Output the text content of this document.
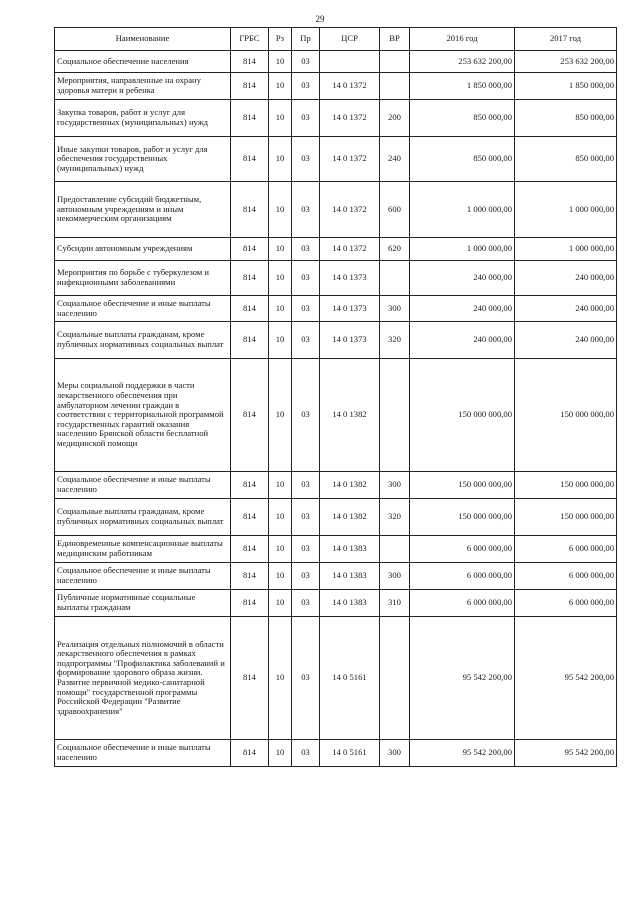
29
Наименование	ГРБС	Рз	Пр	ЦСР	ВР	2016 год	2017 год
Социальное обеспечение населения	814	10	03			253 632 200,00	253 632 200,00
Мероприятия, направленные на охрану здоровья матери и ребенка	814	10	03	14 0 1372		1 850 000,00	1 850 000,00
Закупка товаров, работ и услуг для государственных (муниципальных) нужд	814	10	03	14 0 1372	200	850 000,00	850 000,00
Иные закупки товаров, работ и услуг для обеспечения государственных (муниципальных) нужд	814	10	03	14 0 1372	240	850 000,00	850 000,00
Предоставление субсидий бюджетным, автономным учреждениям и иным некоммерческим организациям	814	10	03	14 0 1372	600	1 000 000,00	1 000 000,00
Субсидии автономным учреждениям	814	10	03	14 0 1372	620	1 000 000,00	1 000 000,00
Мероприятия по борьбе с туберкулезом и инфекционными заболеваниями	814	10	03	14 0 1373		240 000,00	240 000,00
Социальное обеспечение и иные выплаты населению	814	10	03	14 0 1373	300	240 000,00	240 000,00
Социальные выплаты гражданам, кроме публичных нормативных социальных выплат	814	10	03	14 0 1373	320	240 000,00	240 000,00
Меры социальной поддержки в части лекарственного обеспечения при амбулаторном лечении граждан в соответствии с территориальной программой государственных гарантий оказания населению Брянской области бесплатной медицинской помощи	814	10	03	14 0 1382		150 000 000,00	150 000 000,00
Социальное обеспечение и иные выплаты населению	814	10	03	14 0 1382	300	150 000 000,00	150 000 000,00
Социальные выплаты гражданам, кроме публичных нормативных социальных выплат	814	10	03	14 0 1382	320	150 000 000,00	150 000 000,00
Единовременные компенсационные выплаты медицинским работникам	814	10	03	14 0 1383		6 000 000,00	6 000 000,00
Социальное обеспечение и иные выплаты населению	814	10	03	14 0 1383	300	6 000 000,00	6 000 000,00
Публичные нормативные социальные выплаты гражданам	814	10	03	14 0 1383	310	6 000 000,00	6 000 000,00
Реализация отдельных полномочий в области лекарственного обеспечения в рамках подпрограммы "Профилактика заболеваний и формирование здорового образа жизни. Развитие первичной медико-санитарной помощи" государственной программы Российской Федерации "Развитие здравоохранения"	814	10	03	14 0 5161		95 542 200,00	95 542 200,00
Социальное обеспечение и иные выплаты населению	814	10	03	14 0 5161	300	95 542 200,00	95 542 200,00
